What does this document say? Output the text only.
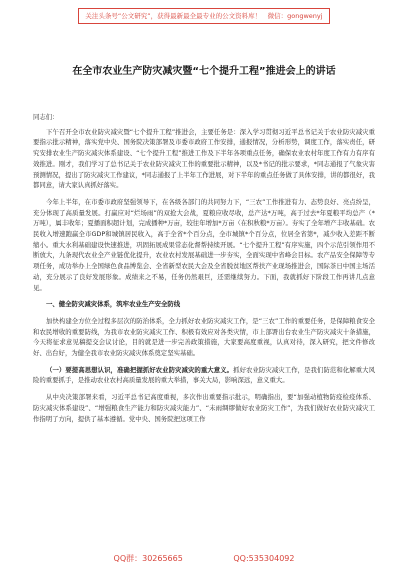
关注头条号“公文研究”，获得最新最全最专业的公文资料库！　微信：gongwenyj
在全市农业生产防灾减灾暨“七个提升工程”推进会上的讲话

同志们：

下午召开全市农业防灾减灾暨“七个提升工程”推进会，主要任务是：深入学习贯彻习近平总书记关于农业防灾减灾重要指示批示精神，落实党中央、国务院决策部署及市委市政府工作安排，通报情况，分析形势，调度工作，落实责任，研究安排农业生产防灾减灾体系建设、“七个提升工程”推进工作及下半年各项重点任务，确保农业农村年度工作有力有序有效推进。刚才，我们学习了总书记关于农业防灾减灾工作的重要批示精神，以及*书记的批示要求，*同志通报了气象灾害预测情况，提出了防灾减灾工作建议，*同志通报了上半年工作进展，对下半年的重点任务做了具体安排，讲的都很好，我都同意，请大家认真抓好落实。

今年上半年，在市委市政府坚强领导下，在各级各部门的共同努力下，“三农”工作推进有力、态势良好、亮点纷呈，充分体现了高质量发展。打赢应对“烂场雨”的双抢大会战，夏粮应收尽收，总产达*万吨，高于过去*年夏粮平均总产（*万吨），属丰收年；夏播面积超计划，完成播种*万亩，较往年增加*万亩（在积秋粮*万亩）。夯实了全年增产丰收基础。农民收入增速跑赢全市GDP和城镇居民收入，高于全省*个百分点，全市城镇*个百分点，位居全省第*，减少收入差距不断缩小。重大水利基础建设快速推进，巩固拓展成果常态化督帮持续开展。“七个提升工程”有序实施，四个示范引领作用不断放大，九条现代农业全产业链优化提升，农业农村发展基础进一步夯实，全面实现中省峰会目标。农产品安全保障等专项任务，成功举办上全国绿色食品博览会、全省新型农民大会及全省脱贫地区帮扶产业现场推进会，国际茶日中国主场活动，充分展示了良好发展形象。成绩来之不易，任务仍然艰巨，还需继续努力。下面，我就抓好下阶段工作再讲几点意见。

一、健全防灾减灾体系，筑牢农业生产安全防线

加快构建全方位全过程多层次的防治体系，全力抓好农业防灾减灾工作，是“三农”工作的重要任务，是保障粮食安全和农民增收的重要防线，为我市农业防灾减灾工作、积极有效应对各类灾情，市上部署出台农业生产防灾减灾十条措施，今天将征求意见稿提交会议讨论，目的就是进一步完善政策措施，大家要高度重视，认真对待，深入研究，把文件修改好、出台好，为健全我市农业防灾减灾体系奠定坚实基础。

（一）要提高思想认识，准确把握抓好农业防灾减灾的重大意义。抓好农业防灾减灾工作，是我们防范和化解重大风险的重要抓手，是推动农业农村高质量发展的重大举措，事关大局，影响深远，意义重大。

从中央决策部署来看，习近平总书记高度重视，多次作出重要指示批示，明确指出，要“加强动植物防疫检疫体系、防灾减灾体系建设”、“增强粮食生产能力和防灾减灾能力”、“未雨绸缪做好农业防灾工作”，为我们做好农业防灾减灾工作指明了方向，提供了基本遵循。党中央、国务院把这项工作

QQ群：30265665	QQ:535304092
